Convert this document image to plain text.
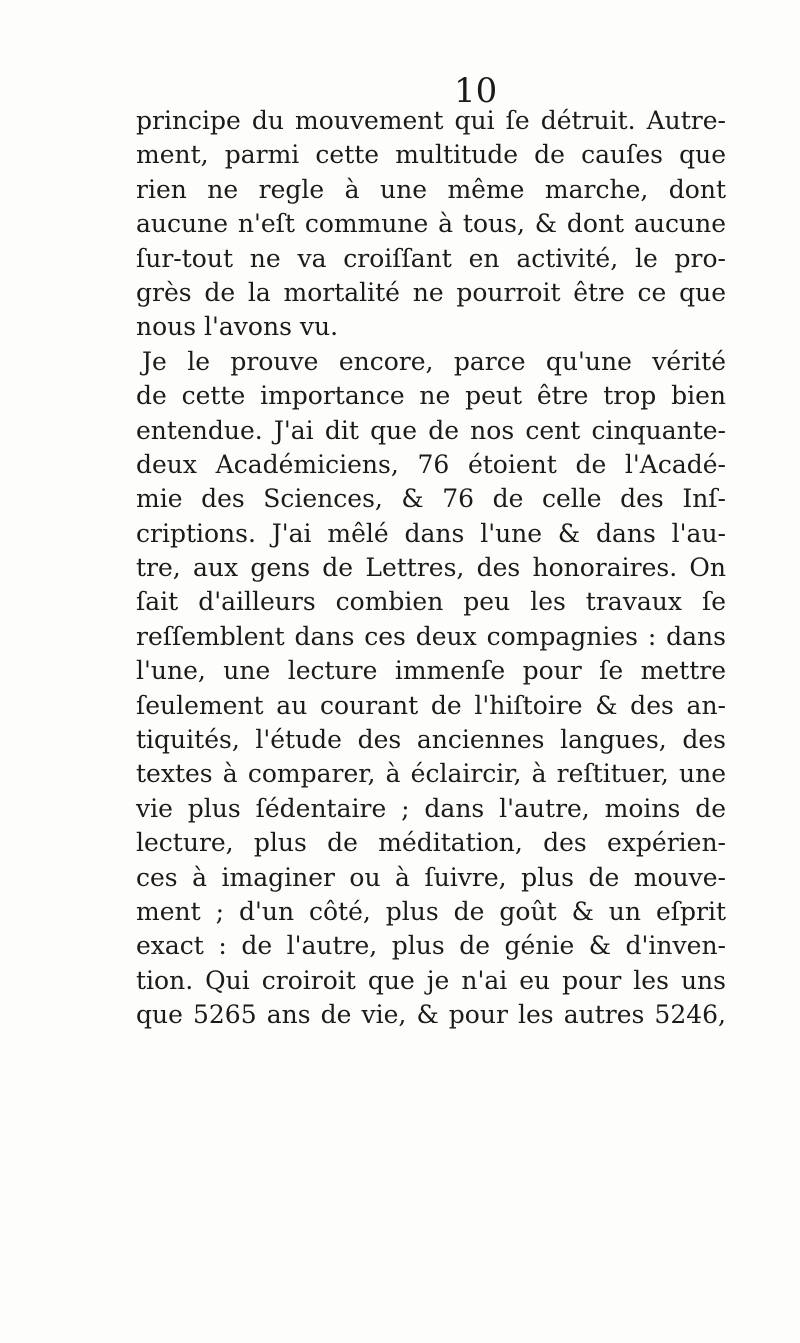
10
principe du mouvement qui ſe détruit. Autre-
ment, parmi cette multitude de cauſes que
rien ne regle à une même marche, dont
aucune n'eſt commune à tous, & dont aucune
ſur-tout ne va croiſſant en activité, le pro-
grès de la mortalité ne pourroit être ce que
nous l'avons vu.
Je le prouve encore, parce qu'une vérité
de cette importance ne peut être trop bien
entendue. J'ai dit que de nos cent cinquante-
deux Académiciens, 76 étoient de l'Acadé-
mie des Sciences, & 76 de celle des Inſ-
criptions. J'ai mêlé dans l'une & dans l'au-
tre, aux gens de Lettres, des honoraires. On
ſait d'ailleurs combien peu les travaux ſe
reſſemblent dans ces deux compagnies : dans
l'une, une lecture immenſe pour ſe mettre
ſeulement au courant de l'hiſtoire & des an-
tiquités, l'étude des anciennes langues, des
textes à comparer, à éclaircir, à reſtituer, une
vie plus ſédentaire ; dans l'autre, moins de
lecture, plus de méditation, des expérien-
ces à imaginer ou à ſuivre, plus de mouve-
ment ; d'un côté, plus de goût & un eſprit
exact : de l'autre, plus de génie & d'inven-
tion. Qui croiroit que je n'ai eu pour les uns
que 5265 ans de vie, & pour les autres 5246,
